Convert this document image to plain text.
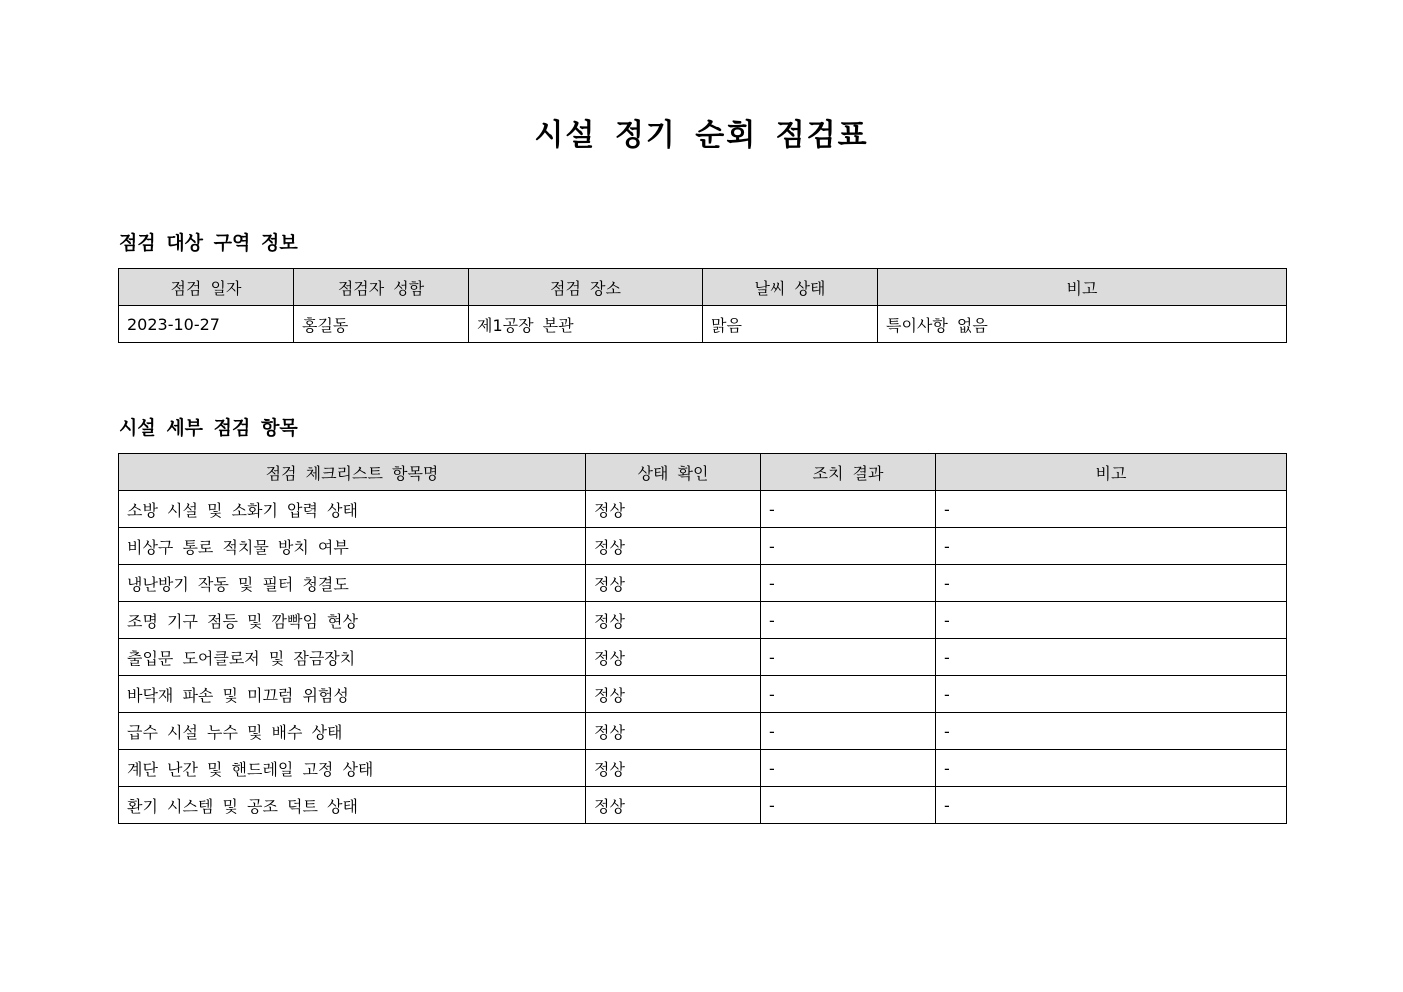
시설 정기 순회 점검표
점검 대상 구역 정보
점검 일자	점검자 성함	점검 장소	날씨 상태	비고
2023-10-27	홍길동	제1공장 본관	맑음	특이사항 없음
시설 세부 점검 항목
점검 체크리스트 항목명	상태 확인	조치 결과	비고
소방 시설 및 소화기 압력 상태	정상	-	-
비상구 통로 적치물 방치 여부	정상	-	-
냉난방기 작동 및 필터 청결도	정상	-	-
조명 기구 점등 및 깜빡임 현상	정상	-	-
출입문 도어클로저 및 잠금장치	정상	-	-
바닥재 파손 및 미끄럼 위험성	정상	-	-
급수 시설 누수 및 배수 상태	정상	-	-
계단 난간 및 핸드레일 고정 상태	정상	-	-
환기 시스템 및 공조 덕트 상태	정상	-	-
